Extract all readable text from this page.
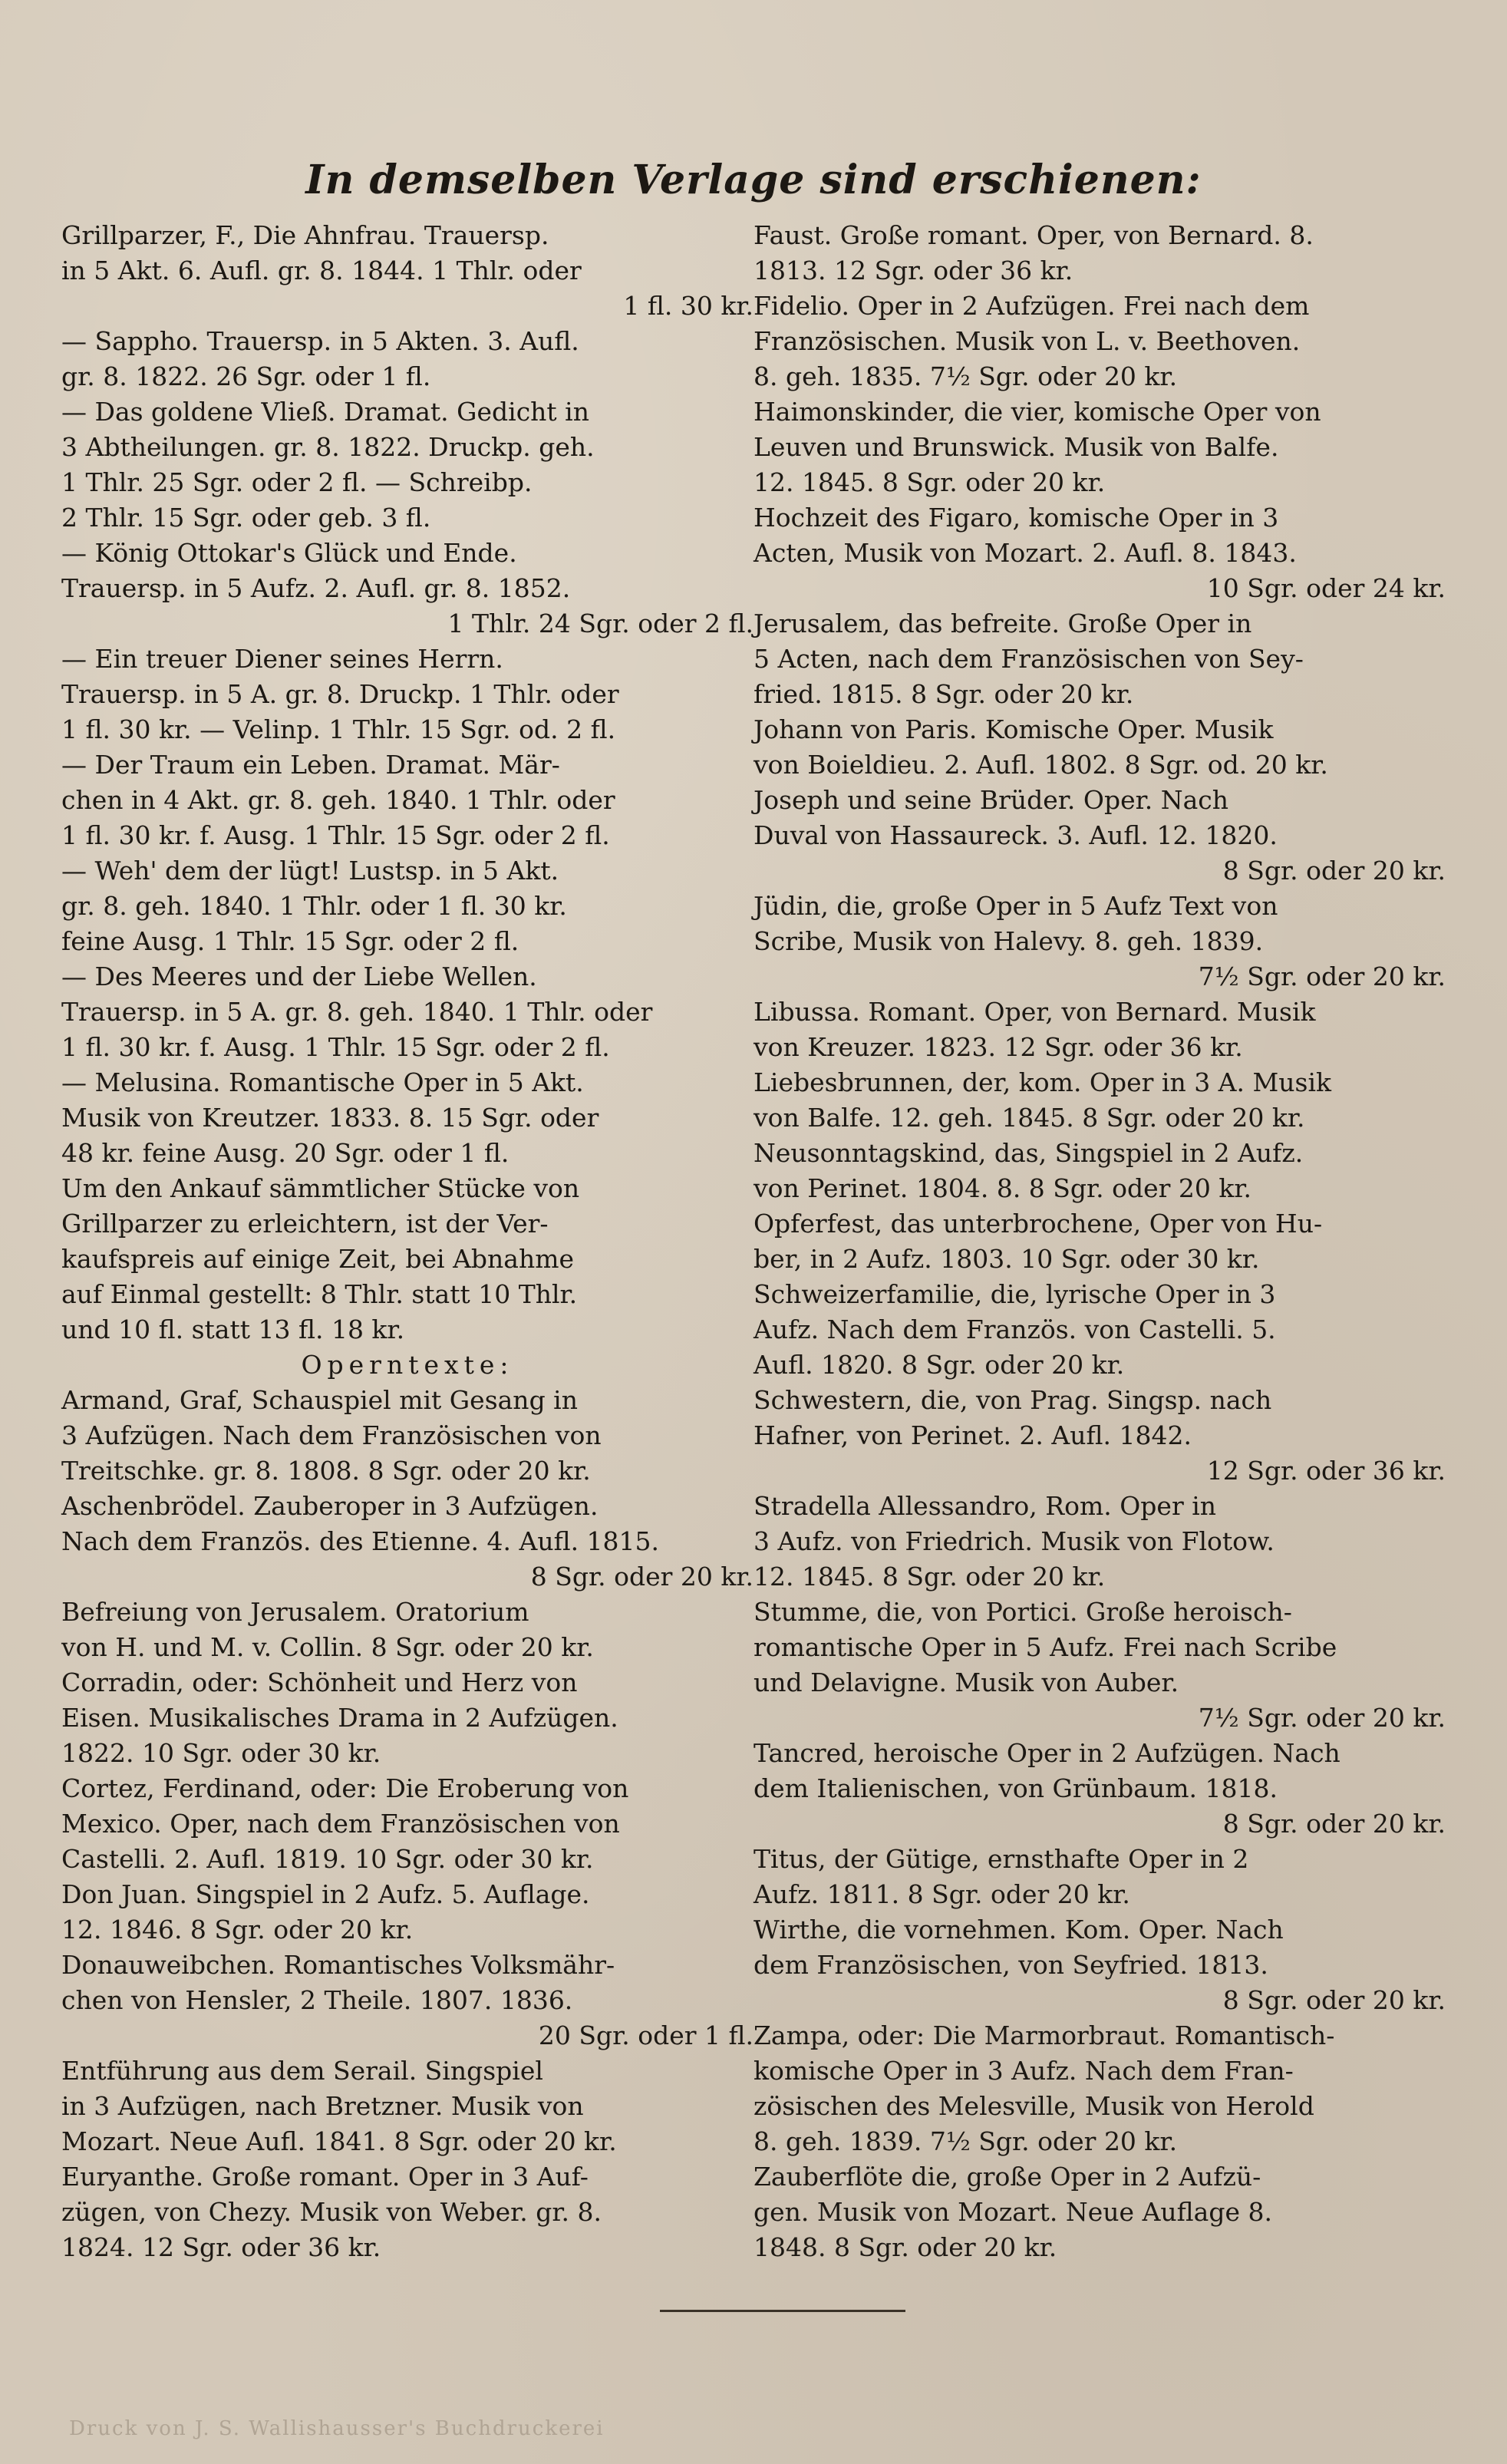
In demselben Verlage sind erschienen:

Grillparzer, F., Die Ahnfrau. Trauersp.
in 5 Akt. 6. Aufl. gr. 8. 1844. 1 Thlr. oder
1 fl. 30 kr.

— Sappho. Trauersp. in 5 Akten. 3. Aufl.
gr. 8. 1822. 26 Sgr. oder 1 fl.

— Das goldene Vließ. Dramat. Gedicht in
3 Abtheilungen. gr. 8. 1822. Druckp. geh.
1 Thlr. 25 Sgr. oder 2 fl. — Schreibp.
2 Thlr. 15 Sgr. oder geb. 3 fl.

— König Ottokar's Glück und Ende.
Trauersp. in 5 Aufz. 2. Aufl. gr. 8. 1852.
1 Thlr. 24 Sgr. oder 2 fl.

— Ein treuer Diener seines Herrn.
Trauersp. in 5 A. gr. 8. Druckp. 1 Thlr. oder
1 fl. 30 kr. — Velinp. 1 Thlr. 15 Sgr. od. 2 fl.

— Der Traum ein Leben. Dramat. Mär-
chen in 4 Akt. gr. 8. geh. 1840. 1 Thlr. oder
1 fl. 30 kr. f. Ausg. 1 Thlr. 15 Sgr. oder 2 fl.

— Weh' dem der lügt! Lustsp. in 5 Akt.
gr. 8. geh. 1840. 1 Thlr. oder 1 fl. 30 kr.
feine Ausg. 1 Thlr. 15 Sgr. oder 2 fl.

— Des Meeres und der Liebe Wellen.
Trauersp. in 5 A. gr. 8. geh. 1840. 1 Thlr. oder
1 fl. 30 kr. f. Ausg. 1 Thlr. 15 Sgr. oder 2 fl.

— Melusina. Romantische Oper in 5 Akt.
Musik von Kreutzer. 1833. 8. 15 Sgr. oder
48 kr. feine Ausg. 20 Sgr. oder 1 fl.

Um den Ankauf sämmtlicher Stücke von
Grillparzer zu erleichtern, ist der Ver-
kaufspreis auf einige Zeit, bei Abnahme
auf Einmal gestellt: 8 Thlr. statt 10 Thlr.
und 10 fl. statt 13 fl. 18 kr.

Operntexte:

Armand, Graf, Schauspiel mit Gesang in
3 Aufzügen. Nach dem Französischen von
Treitschke. gr. 8. 1808. 8 Sgr. oder 20 kr.

Aschenbrödel. Zauberoper in 3 Aufzügen.
Nach dem Französ. des Etienne. 4. Aufl. 1815.
8 Sgr. oder 20 kr.

Befreiung von Jerusalem. Oratorium
von H. und M. v. Collin. 8 Sgr. oder 20 kr.

Corradin, oder: Schönheit und Herz von
Eisen. Musikalisches Drama in 2 Aufzügen.
1822. 10 Sgr. oder 30 kr.

Cortez, Ferdinand, oder: Die Eroberung von
Mexico. Oper, nach dem Französischen von
Castelli. 2. Aufl. 1819. 10 Sgr. oder 30 kr.

Don Juan. Singspiel in 2 Aufz. 5. Auflage.
12. 1846. 8 Sgr. oder 20 kr.

Donauweibchen. Romantisches Volksmähr-
chen von Hensler, 2 Theile. 1807. 1836.
20 Sgr. oder 1 fl.

Entführung aus dem Serail. Singspiel
in 3 Aufzügen, nach Bretzner. Musik von
Mozart. Neue Aufl. 1841. 8 Sgr. oder 20 kr.

Euryanthe. Große romant. Oper in 3 Auf-
zügen, von Chezy. Musik von Weber. gr. 8.
1824. 12 Sgr. oder 36 kr.

Faust. Große romant. Oper, von Bernard. 8.
1813. 12 Sgr. oder 36 kr.

Fidelio. Oper in 2 Aufzügen. Frei nach dem
Französischen. Musik von L. v. Beethoven.
8. geh. 1835. 7½ Sgr. oder 20 kr.

Haimonskinder, die vier, komische Oper von
Leuven und Brunswick. Musik von Balfe.
12. 1845. 8 Sgr. oder 20 kr.

Hochzeit des Figaro, komische Oper in 3
Acten, Musik von Mozart. 2. Aufl. 8. 1843.
10 Sgr. oder 24 kr.

Jerusalem, das befreite. Große Oper in
5 Acten, nach dem Französischen von Sey-
fried. 1815. 8 Sgr. oder 20 kr.

Johann von Paris. Komische Oper. Musik
von Boieldieu. 2. Aufl. 1802. 8 Sgr. od. 20 kr.

Joseph und seine Brüder. Oper. Nach
Duval von Hassaureck. 3. Aufl. 12. 1820.
8 Sgr. oder 20 kr.

Jüdin, die, große Oper in 5 Aufz Text von
Scribe, Musik von Halevy. 8. geh. 1839.
7½ Sgr. oder 20 kr.

Libussa. Romant. Oper, von Bernard. Musik
von Kreuzer. 1823. 12 Sgr. oder 36 kr.

Liebesbrunnen, der, kom. Oper in 3 A. Musik
von Balfe. 12. geh. 1845. 8 Sgr. oder 20 kr.

Neusonntagskind, das, Singspiel in 2 Aufz.
von Perinet. 1804. 8. 8 Sgr. oder 20 kr.

Opferfest, das unterbrochene, Oper von Hu-
ber, in 2 Aufz. 1803. 10 Sgr. oder 30 kr.

Schweizerfamilie, die, lyrische Oper in 3
Aufz. Nach dem Französ. von Castelli. 5.
Aufl. 1820. 8 Sgr. oder 20 kr.

Schwestern, die, von Prag. Singsp. nach
Hafner, von Perinet. 2. Aufl. 1842.
12 Sgr. oder 36 kr.

Stradella Allessandro, Rom. Oper in
3 Aufz. von Friedrich. Musik von Flotow.
12. 1845. 8 Sgr. oder 20 kr.

Stumme, die, von Portici. Große heroisch-
romantische Oper in 5 Aufz. Frei nach Scribe
und Delavigne. Musik von Auber.
7½ Sgr. oder 20 kr.

Tancred, heroische Oper in 2 Aufzügen. Nach
dem Italienischen, von Grünbaum. 1818.
8 Sgr. oder 20 kr.

Titus, der Gütige, ernsthafte Oper in 2
Aufz. 1811. 8 Sgr. oder 20 kr.

Wirthe, die vornehmen. Kom. Oper. Nach
dem Französischen, von Seyfried. 1813.
8 Sgr. oder 20 kr.

Zampa, oder: Die Marmorbraut. Romantisch-
komische Oper in 3 Aufz. Nach dem Fran-
zösischen des Melesville, Musik von Herold
8. geh. 1839. 7½ Sgr. oder 20 kr.

Zauberflöte die, große Oper in 2 Aufzü-
gen. Musik von Mozart. Neue Auflage 8.
1848. 8 Sgr. oder 20 kr.

Druck von J. S. Wallishausser's Buchdruckerei
